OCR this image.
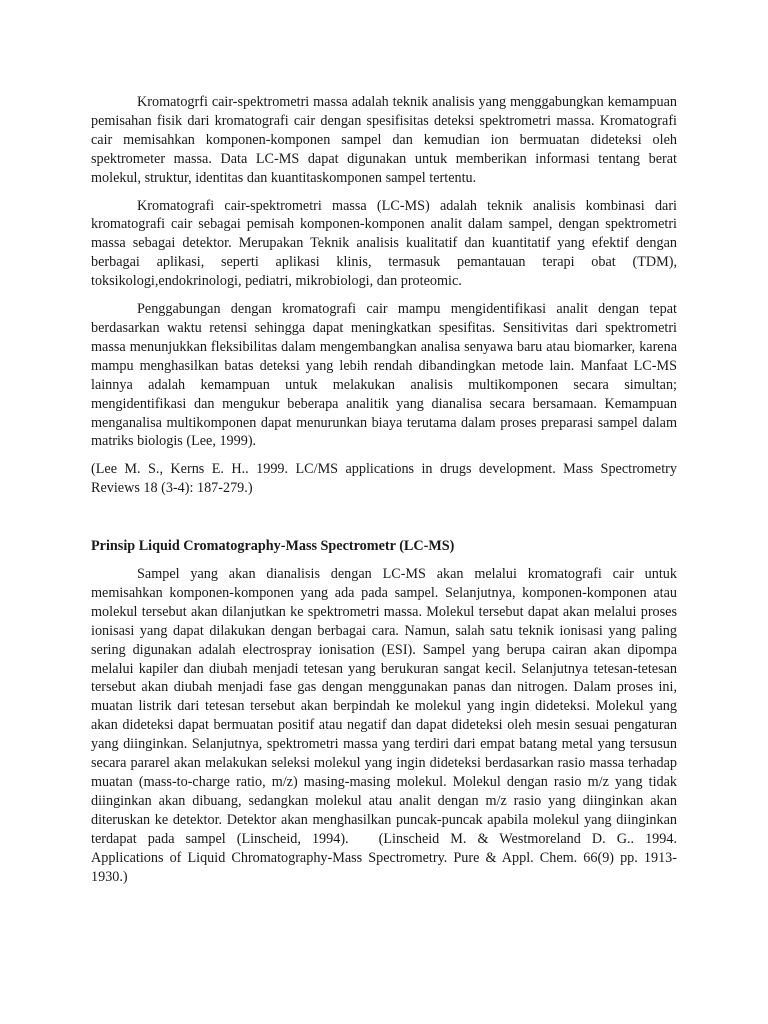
Kromatogrfi cair-spektrometri massa adalah teknik analisis yang menggabungkan kemampuan pemisahan fisik dari kromatografi cair dengan spesifisitas deteksi spektrometri massa. Kromatografi cair memisahkan komponen-komponen sampel dan kemudian ion bermuatan dideteksi oleh spektrometer massa. Data LC-MS dapat digunakan untuk memberikan informasi tentang berat molekul, struktur, identitas dan kuantitaskomponen sampel tertentu.

Kromatografi cair-spektrometri massa (LC-MS) adalah teknik analisis kombinasi dari kromatografi cair sebagai pemisah komponen-komponen analit dalam sampel, dengan spektrometri massa sebagai detektor. Merupakan Teknik analisis kualitatif dan kuantitatif yang efektif dengan berbagai aplikasi, seperti aplikasi klinis, termasuk pemantauan terapi obat (TDM), toksikologi,endokrinologi, pediatri, mikrobiologi, dan proteomic.

Penggabungan dengan kromatografi cair mampu mengidentifikasi analit dengan tepat berdasarkan waktu retensi sehingga dapat meningkatkan spesifitas. Sensitivitas dari spektrometri massa menunjukkan fleksibilitas dalam mengembangkan analisa senyawa baru atau biomarker, karena mampu menghasilkan batas deteksi yang lebih rendah dibandingkan metode lain. Manfaat LC-MS lainnya adalah kemampuan untuk melakukan analisis multikomponen secara simultan; mengidentifikasi dan mengukur beberapa analitik yang dianalisa secara bersamaan. Kemampuan menganalisa multikomponen dapat menurunkan biaya terutama dalam proses preparasi sampel dalam matriks biologis (Lee, 1999).

(Lee M. S., Kerns E. H.. 1999. LC/MS applications in drugs development. Mass Spectrometry Reviews 18 (3-4): 187-279.)

Prinsip Liquid Cromatography-Mass Spectrometr (LC-MS)

Sampel yang akan dianalisis dengan LC-MS akan melalui kromatografi cair untuk memisahkan komponen-komponen yang ada pada sampel. Selanjutnya, komponen-komponen atau molekul tersebut akan dilanjutkan ke spektrometri massa. Molekul tersebut dapat akan melalui proses ionisasi yang dapat dilakukan dengan berbagai cara. Namun, salah satu teknik ionisasi yang paling sering digunakan adalah electrospray ionisation (ESI). Sampel yang berupa cairan akan dipompa melalui kapiler dan diubah menjadi tetesan yang berukuran sangat kecil. Selanjutnya tetesan-tetesan tersebut akan diubah menjadi fase gas dengan menggunakan panas dan nitrogen. Dalam proses ini, muatan listrik dari tetesan tersebut akan berpindah ke molekul yang ingin dideteksi. Molekul yang akan dideteksi dapat bermuatan positif atau negatif dan dapat dideteksi oleh mesin sesuai pengaturan yang diinginkan. Selanjutnya, spektrometri massa yang terdiri dari empat batang metal yang tersusun secara pararel akan melakukan seleksi molekul yang ingin dideteksi berdasarkan rasio massa terhadap muatan (mass-to-charge ratio, m/z) masing-masing molekul. Molekul dengan rasio m/z yang tidak diinginkan akan dibuang, sedangkan molekul atau analit dengan m/z rasio yang diinginkan akan diteruskan ke detektor. Detektor akan menghasilkan puncak-puncak apabila molekul yang diinginkan terdapat pada sampel (Linscheid, 1994). (Linscheid M. & Westmoreland D. G.. 1994. Applications of Liquid Chromatography-Mass Spectrometry. Pure & Appl. Chem. 66(9) pp. 1913-1930.)
